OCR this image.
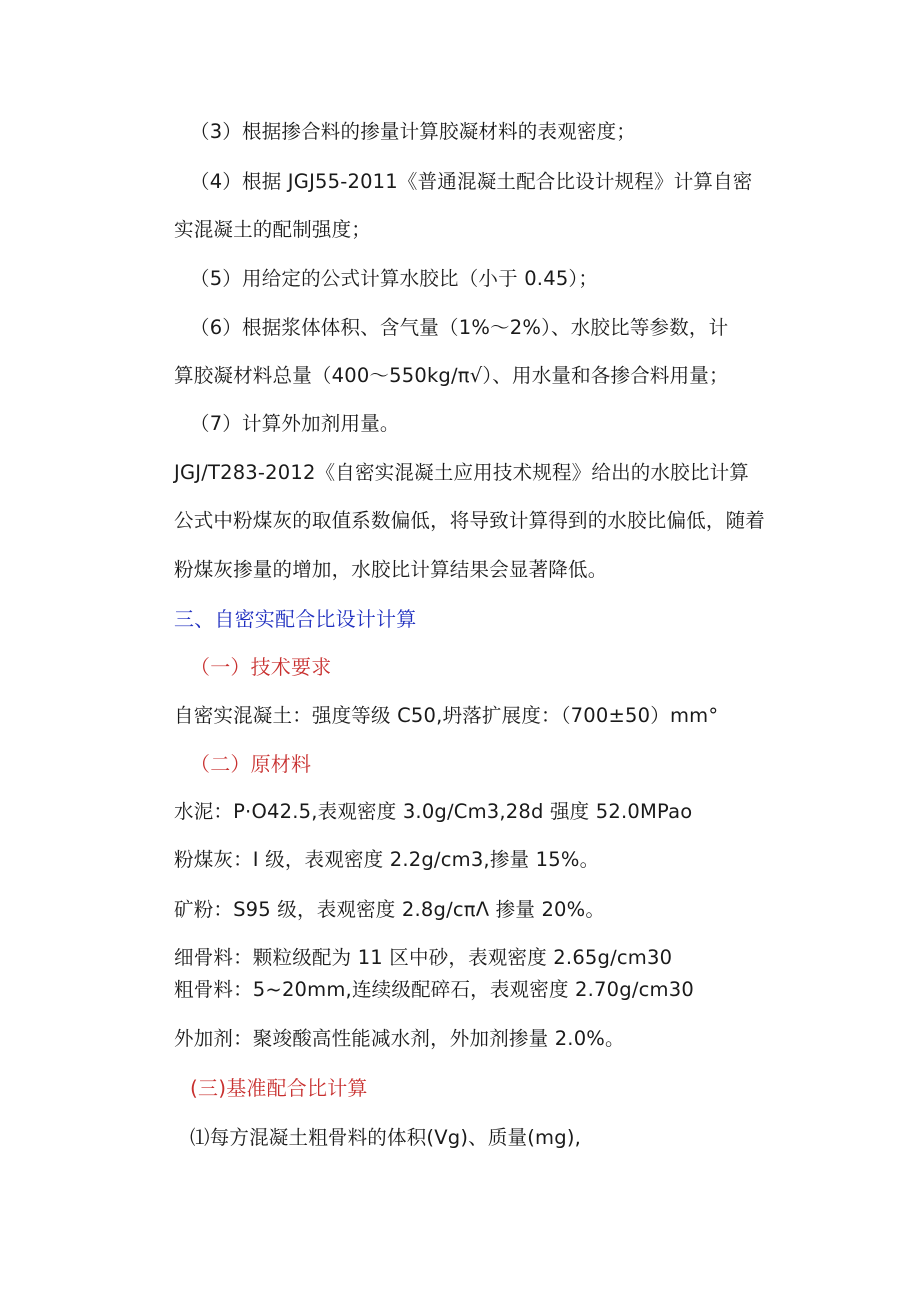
（3）根据掺合料的掺量计算胶凝材料的表观密度；
（4）根据 JGJ55-2011《普通混凝土配合比设计规程》计算自密
实混凝土的配制强度；
（5）用给定的公式计算水胶比（小于 0.45）；
（6）根据浆体体积、含气量（1%～2%）、水胶比等参数，计
算胶凝材料总量（400～550kg∕π√）、用水量和各掺合料用量；
（7）计算外加剂用量。
JGJ/T283-2012《自密实混凝土应用技术规程》给出的水胶比计算
公式中粉煤灰的取值系数偏低，将导致计算得到的水胶比偏低，随着
粉煤灰掺量的增加，水胶比计算结果会显著降低。
三、自密实配合比设计计算
（一）技术要求
自密实混凝土：强度等级 C50,坍落扩展度：（700±50）mm°
（二）原材料
水泥：P·O42.5,表观密度 3.0g∕Cm3,28d 强度 52.0MPao
粉煤灰：I 级，表观密度 2.2g∕cm3,掺量 15%。
矿粉：S95 级，表观密度 2.8g∕cπΛ 掺量 20%。
细骨料：颗粒级配为 11 区中砂，表观密度 2.65g∕cm30
粗骨料：5~20mm,连续级配碎石，表观密度 2.70g∕cm30
外加剂：聚竣酸高性能减水剂，外加剂掺量 2.0%。
(三)基准配合比计算
⑴每方混凝土粗骨料的体积(Vg)、质量(mg),
